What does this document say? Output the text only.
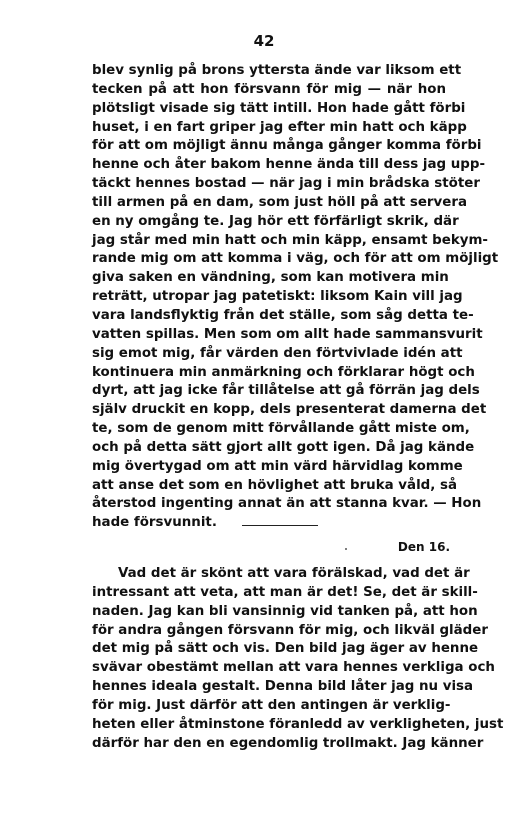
42
blev synlig på brons yttersta ände var liksom ett
tecken på att hon försvann för mig — när hon
plötsligt visade sig tätt intill. Hon hade gått förbi
huset, i en fart griper jag efter min hatt och käpp
för att om möjligt ännu många gånger komma förbi
henne och åter bakom henne ända till dess jag upp-
täckt hennes bostad — när jag i min brådska stöter
till armen på en dam, som just höll på att servera
en ny omgång te. Jag hör ett förfärligt skrik, där
jag står med min hatt och min käpp, ensamt bekym-
rande mig om att komma i väg, och för att om möjligt
giva saken en vändning, som kan motivera min
reträtt, utropar jag patetiskt: liksom Kain vill jag
vara landsflyktig från det ställe, som såg detta te-
vatten spillas. Men som om allt hade sammansvurit
sig emot mig, får värden den förtvivlade idén att
kontinuera min anmärkning och förklarar högt och
dyrt, att jag icke får tillåtelse att gå förrän jag dels
själv druckit en kopp, dels presenterat damerna det
te, som de genom mitt förvållande gått miste om,
och på detta sätt gjort allt gott igen. Då jag kände
mig övertygad om att min värd härvidlag komme
att anse det som en hövlighet att bruka våld, så
återstod ingenting annat än att stanna kvar. — Hon
hade försvunnit.
Den 16.
Vad det är skönt att vara förälskad, vad det är
intressant att veta, att man är det! Se, det är skill-
naden. Jag kan bli vansinnig vid tanken på, att hon
för andra gången försvann för mig, och likväl gläder
det mig på sätt och vis. Den bild jag äger av henne
svävar obestämt mellan att vara hennes verkliga och
hennes ideala gestalt. Denna bild låter jag nu visa
för mig. Just därför att den antingen är verklig-
heten eller åtminstone föranledd av verkligheten, just
därför har den en egendomlig trollmakt. Jag känner
